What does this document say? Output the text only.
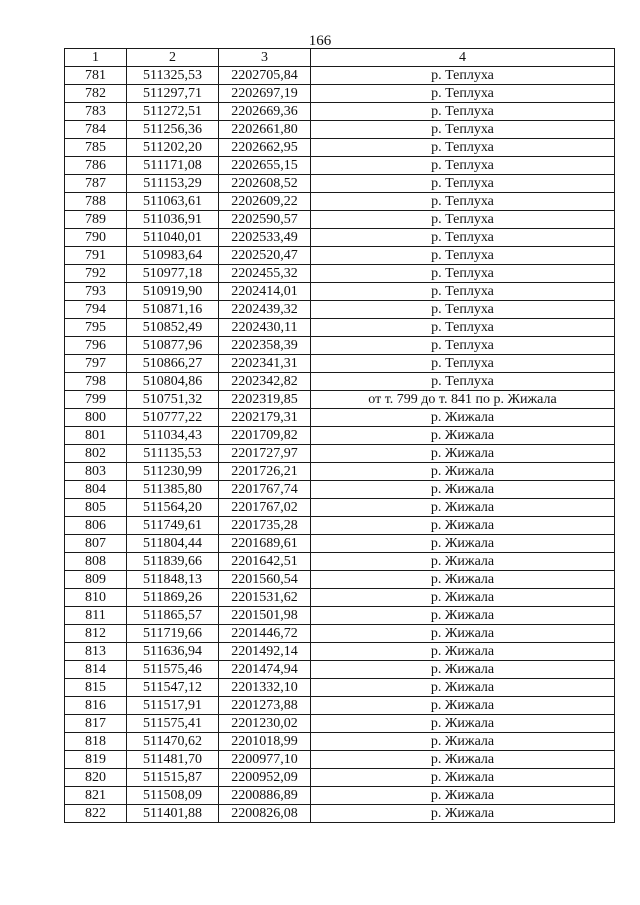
166
1	2	3	4
781	511325,53	2202705,84	р. Теплуха
782	511297,71	2202697,19	р. Теплуха
783	511272,51	2202669,36	р. Теплуха
784	511256,36	2202661,80	р. Теплуха
785	511202,20	2202662,95	р. Теплуха
786	511171,08	2202655,15	р. Теплуха
787	511153,29	2202608,52	р. Теплуха
788	511063,61	2202609,22	р. Теплуха
789	511036,91	2202590,57	р. Теплуха
790	511040,01	2202533,49	р. Теплуха
791	510983,64	2202520,47	р. Теплуха
792	510977,18	2202455,32	р. Теплуха
793	510919,90	2202414,01	р. Теплуха
794	510871,16	2202439,32	р. Теплуха
795	510852,49	2202430,11	р. Теплуха
796	510877,96	2202358,39	р. Теплуха
797	510866,27	2202341,31	р. Теплуха
798	510804,86	2202342,82	р. Теплуха
799	510751,32	2202319,85	от т. 799 до т. 841 по р. Жижала
800	510777,22	2202179,31	р. Жижала
801	511034,43	2201709,82	р. Жижала
802	511135,53	2201727,97	р. Жижала
803	511230,99	2201726,21	р. Жижала
804	511385,80	2201767,74	р. Жижала
805	511564,20	2201767,02	р. Жижала
806	511749,61	2201735,28	р. Жижала
807	511804,44	2201689,61	р. Жижала
808	511839,66	2201642,51	р. Жижала
809	511848,13	2201560,54	р. Жижала
810	511869,26	2201531,62	р. Жижала
811	511865,57	2201501,98	р. Жижала
812	511719,66	2201446,72	р. Жижала
813	511636,94	2201492,14	р. Жижала
814	511575,46	2201474,94	р. Жижала
815	511547,12	2201332,10	р. Жижала
816	511517,91	2201273,88	р. Жижала
817	511575,41	2201230,02	р. Жижала
818	511470,62	2201018,99	р. Жижала
819	511481,70	2200977,10	р. Жижала
820	511515,87	2200952,09	р. Жижала
821	511508,09	2200886,89	р. Жижала
822	511401,88	2200826,08	р. Жижала
